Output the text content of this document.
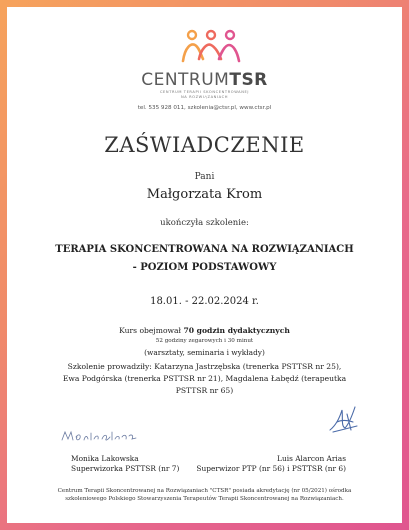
CENTRUMTSR
CENTRUM TERAPII SKONCENTROWANEJ
NA ROZWIĄZANIACH
tel. 535 928 011, szkolenia@ctsr.pl, www.ctsr.pl
ZAŚWIADCZENIE
Pani
Małgorzata Krom
ukończyła szkolenie:
TERAPIA SKONCENTROWANA NA ROZWIĄZANIACH
- POZIOM PODSTAWOWY
18.01. - 22.02.2024 r.
Kurs obejmował 70 godzin dydaktycznych
52 godziny zegarowych i 30 minut
(warsztaty, seminaria i wykłady)
Szkolenie prowadziły: Katarzyna Jastrzębska (trenerka PSTTSR nr 25), Ewa Podgórska (trenerka PSTTSR nr 21), Magdalena Łabędź (terapeutka PSTTSR nr 65)
Monika Lakowska
Superwizorka PSTTSR (nr 7)
Luis Alarcon Arias
Superwizor PTP (nr 56) i PSTTSR (nr 6)
Centrum Terapii Skoncentrowanej na Rozwiązaniach "CTSR" posiada akredytację (nr 05/2021) ośrodka szkoleniowego Polskiego Stowarzyszenia Terapeutów Terapii Skoncentrowanej na Rozwiązaniach.
